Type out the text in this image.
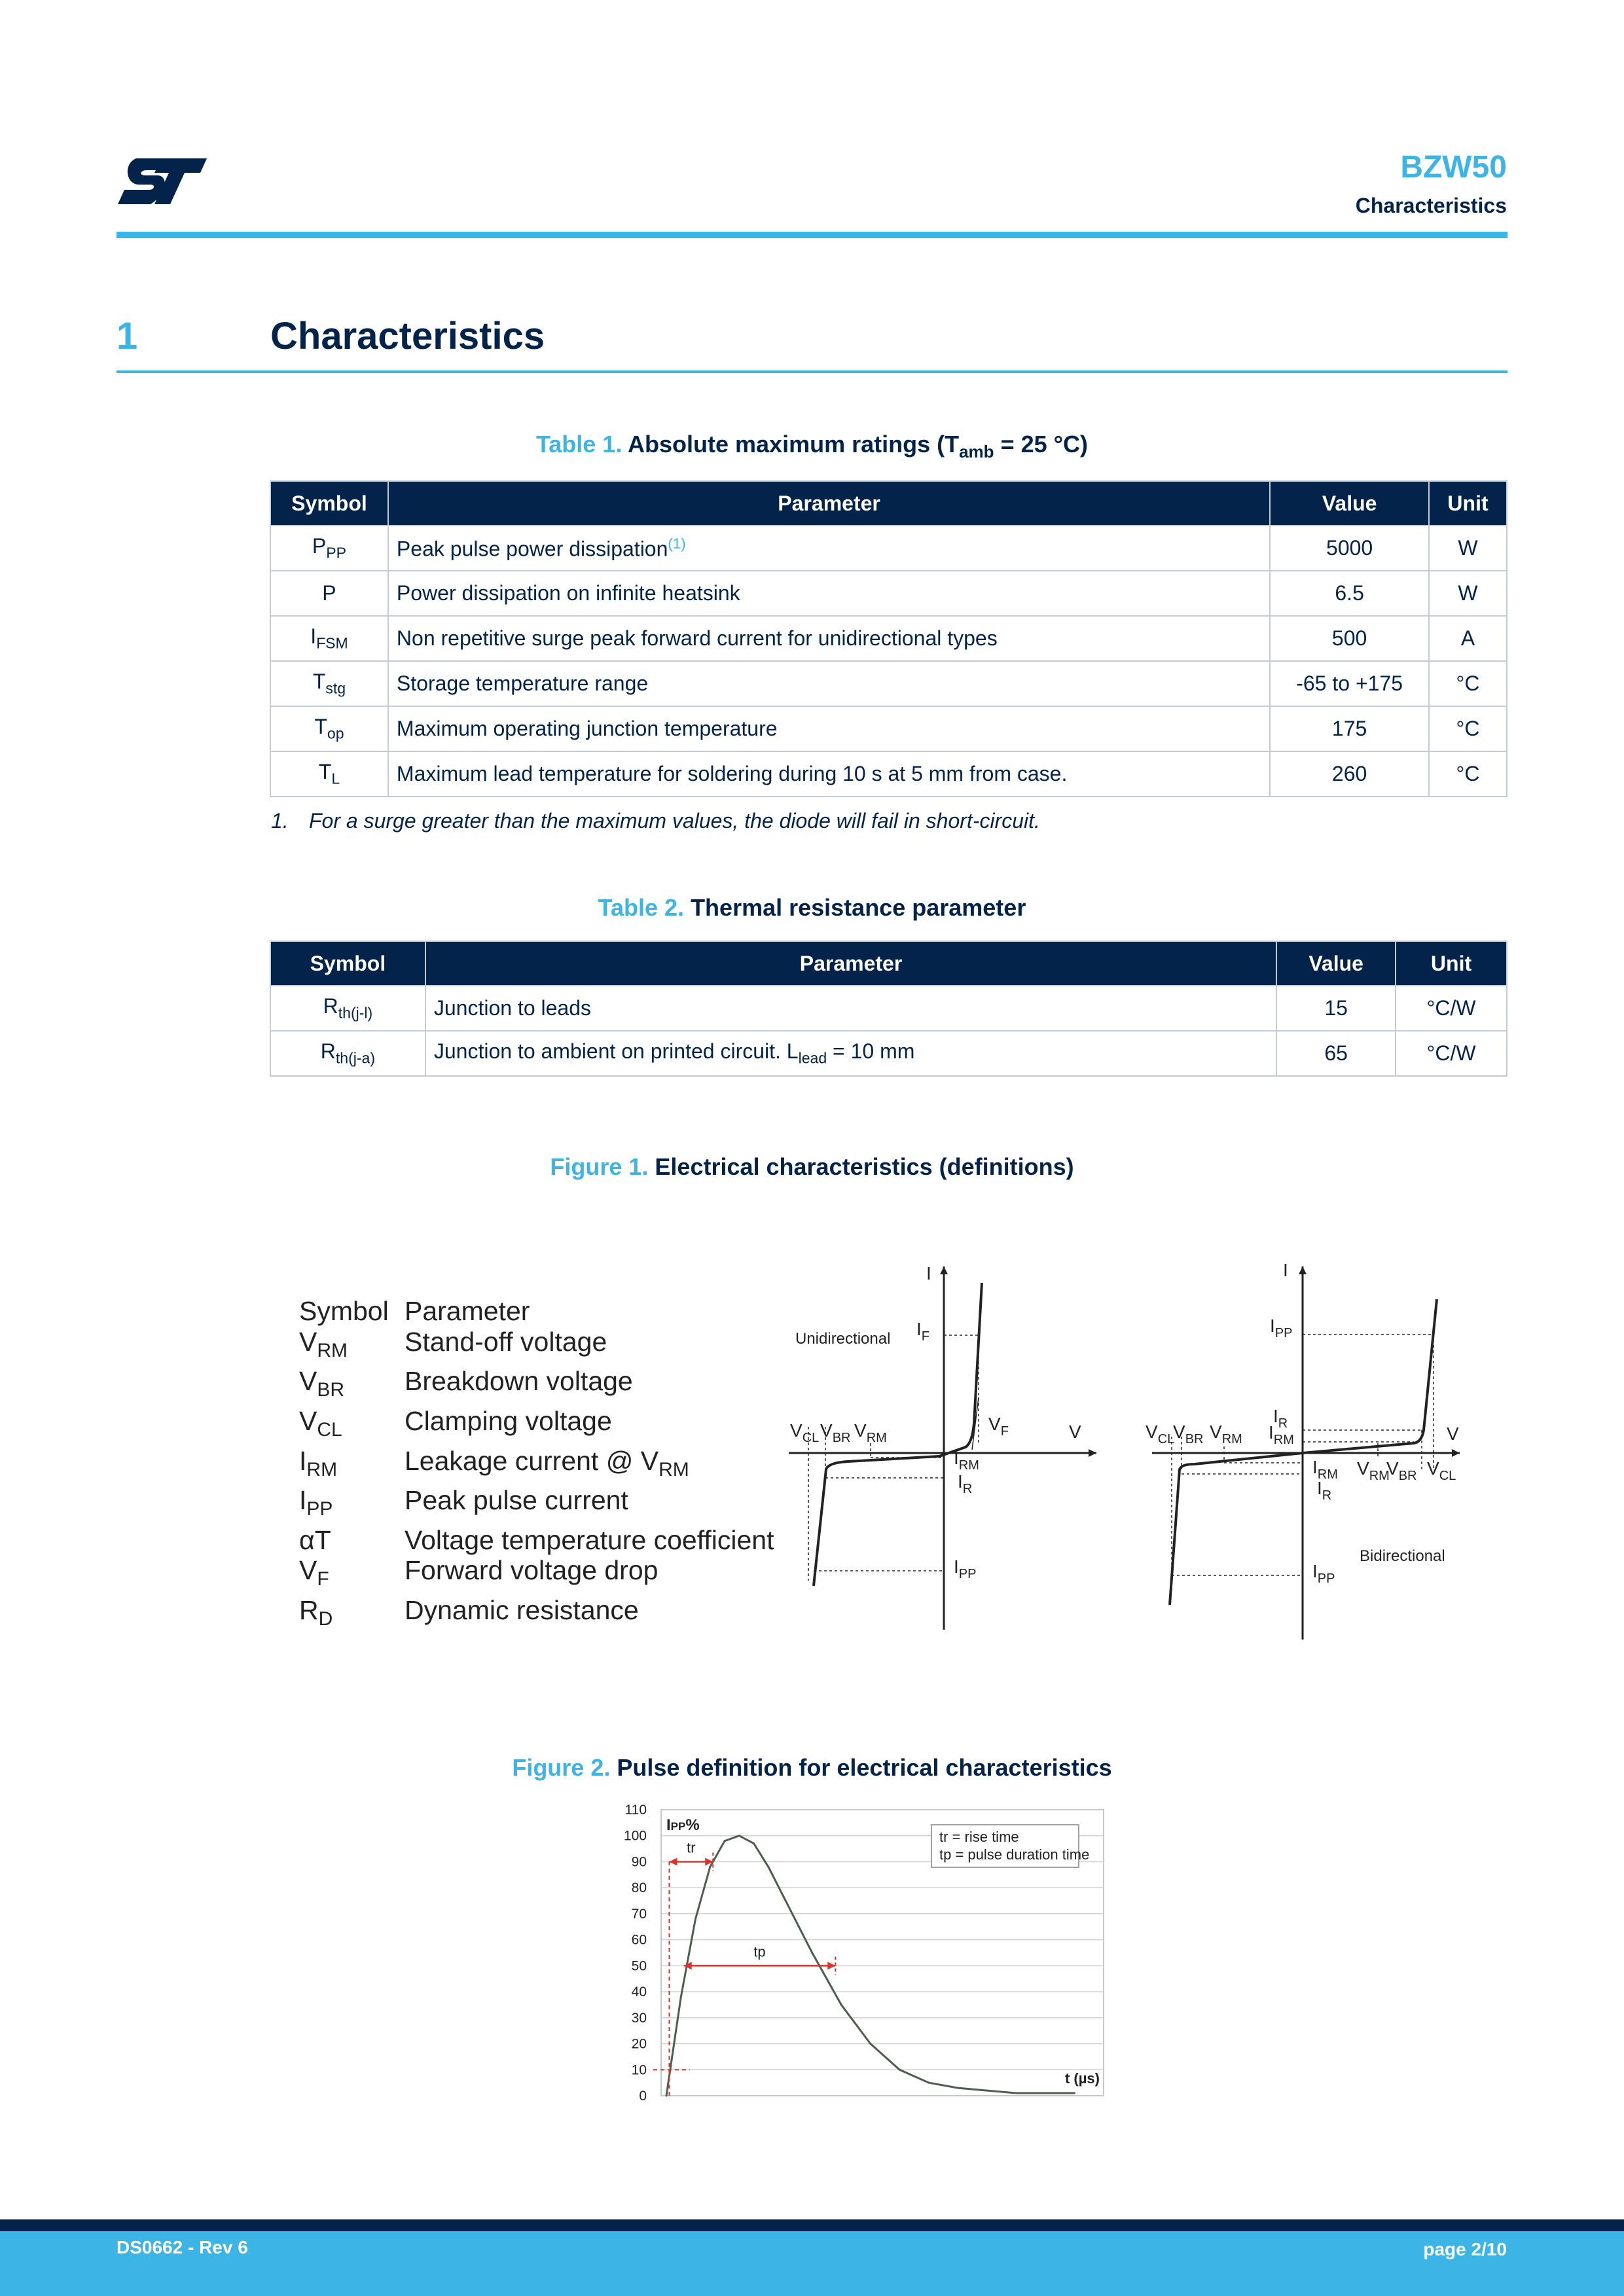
BZW50
Characteristics
1	Characteristics
Table 1. Absolute maximum ratings ($T_{amb} = 25$ °C)
Symbol	Parameter	Value	Unit
$P_{PP}$	Peak pulse power dissipation$^{(1)}$	5000	W
P	Power dissipation on infinite heatsink	6.5	W
$I_{FSM}$	Non repetitive surge peak forward current for unidirectional types	500	A
$T_{stg}$	Storage temperature range	-65 to +175	°C
$T_{op}$	Maximum operating junction temperature	175	°C
$T_L$	Maximum lead temperature for soldering during 10 s at 5 mm from case.	260	°C
1. For a surge greater than the maximum values, the diode will fail in short-circuit.
Table 2. Thermal resistance parameter
Symbol	Parameter	Value	Unit
$R_{th(j-l)}$	Junction to leads	15	°C/W
$R_{th(j-a)}$	Junction to ambient on printed circuit. $L_{lead} = 10$ mm	65	°C/W
Figure 1. Electrical characteristics (definitions)
Symbol Parameter
$V_{RM}$	Stand-off voltage
$V_{BR}$	Breakdown voltage
$V_{CL}$	Clamping voltage
$I_{RM}$	Leakage current @ $V_{RM}$
$I_{PP}$	Peak pulse current
αT	Voltage temperature coefficient
$V_F$	Forward voltage drop
$R_D$	Dynamic resistance
I
V
Unidirectional $I_F$
$V_F$
$V_{CL}$ $V_{BR}$ $V_{RM}$
$I_{RM}$
$I_R$
$I_{PP}$
I
V
Bidirectional
$I_{PP}$
$I_R$
$I_{RM}$
$V_{CL}$
$V_{BR}$ $V_{RM}$
$I_{RM}$
$I_R$
$V_{RM}$
$V_{BR}$ $V_{CL}$
$I_{PP}$
Figure 2. Pulse definition for electrical characteristics
0
10
20
30
40
50
60
70
80
90
100
110
tr
tp
IPP%
t (µs)
tr = rise time
tp = pulse duration time
DS0662 - Rev 6	page 2/10
